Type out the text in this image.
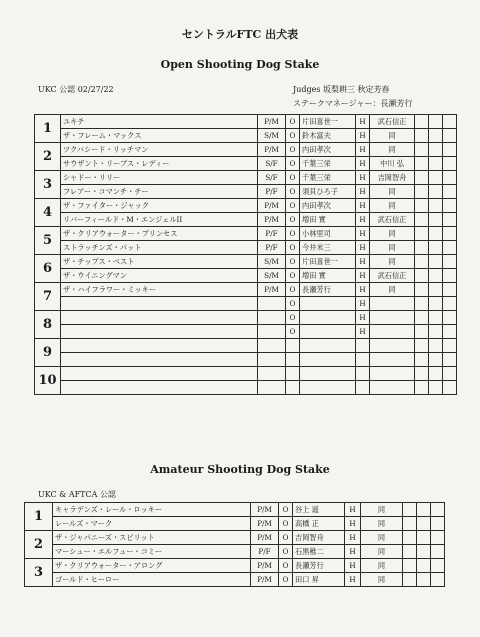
セントラルFTC 出犬表
Open Shooting Dog Stake
UKC 公認 02/27/22	Judges 坂梨耕三 秋定芳春
ステークマネージャー：長瀬芳行
1	ユキチ	P/M	O	片田喜世一	H	武石信正			
	ザ・フレーム・マックス	S/M	O	鈴木富夫	H	同			
2	ツクバシード・リッチマン	P/M	O	内田孝次	H	同			
	サウザント・リーブス・レディー	S/F	O	千葉三栄	H	中川 弘			
3	シャドー・リリー	S/F	O	千葉三栄	H	吉岡智舟			
	フレアー・コマンチ・チー	P/F	O	須貝ひろ子	H	同			
4	ザ・ファイター・ジャック	P/M	O	内田孝次	H	同			
	リバーフィールド・M・エンジェルII	P/M	O	増田 實	H	武石信正			
5	ザ・クリアウォーター・プリンセス	P/F	O	小林里司	H	同			
	ストラッチンズ・パット	P/F	O	今井米三	H	同			
6	ザ・チップス・ベスト	S/M	O	片田喜世一	H	同			
	ザ・ウイニングマン	S/M	O	増田 實	H	武石信正			
7	ザ・ハイフラワー・ミッキー	P/M	O	長瀬芳行	H	同			
			O		H				
8			O		H				
			O		H				
9									

10									

Amateur Shooting Dog Stake
UKC & AFTCA 公認
1	キャラデンズ・レール・ロッキー	P/M	O	谷上 遥	H	同			
	レールズ・マーク	P/M	O	高橋 正	H	同			
2	ザ・ジャパニーズ・スピリット	P/M	O	吉岡智舟	H	同			
	マーシュー・エルフュー・コミー	P/F	O	石黒稚二	H	同			
3	ザ・クリアウォーター・アロング	P/M	O	長瀬芳行	H	同			
	ゴールド・ヒーロー	P/M	O	田口 昇	H	同			
